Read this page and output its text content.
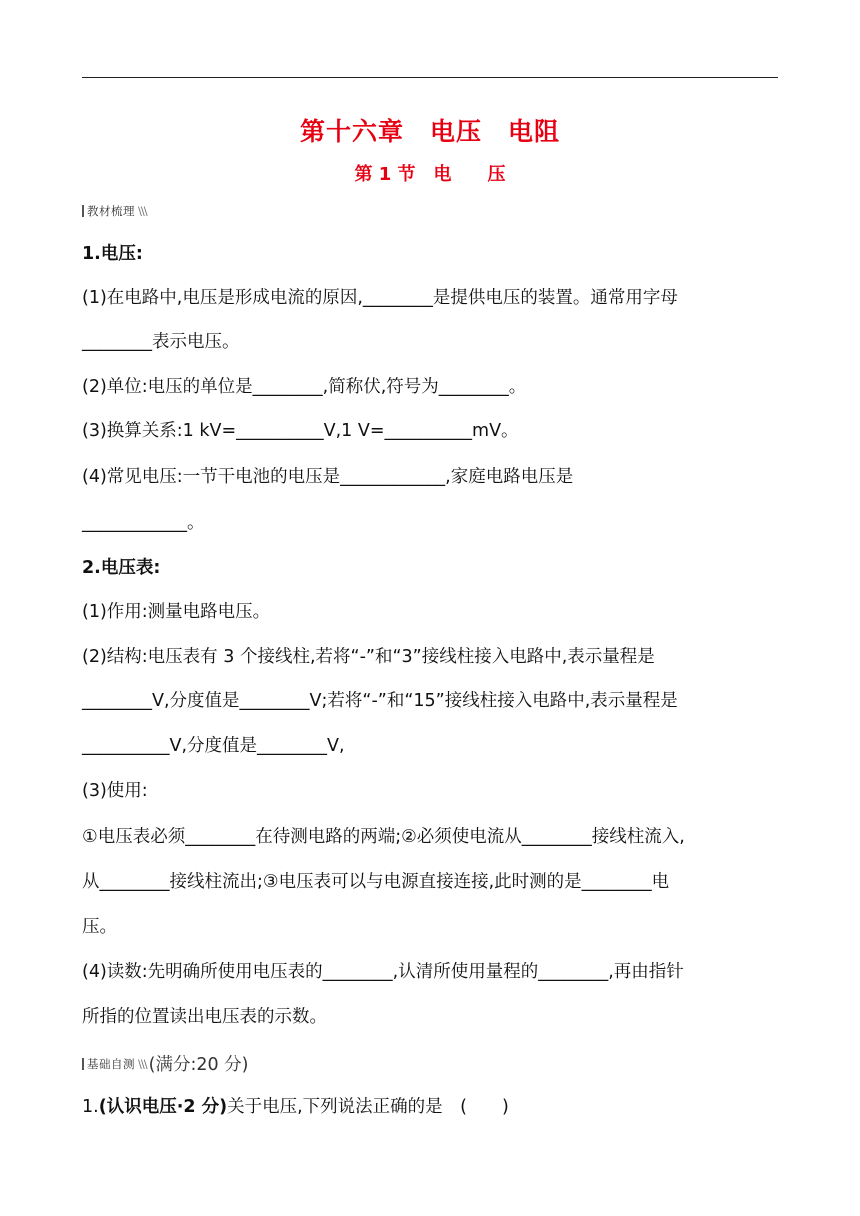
第十六章　电压　电阻
第 1 节　电　　压
教材梳理 \\\
1.电压:
(1)在电路中,电压是形成电流的原因,________是提供电压的装置。通常用字母
________表示电压。
(2)单位:电压的单位是________,简称伏,符号为________。
(3)换算关系:1 kV=__________V,1 V=__________mV。
(4)常见电压:一节干电池的电压是____________,家庭电路电压是
____________。
2.电压表:
(1)作用:测量电路电压。
(2)结构:电压表有 3 个接线柱,若将“-”和“3”接线柱接入电路中,表示量程是
________V,分度值是________V;若将“-”和“15”接线柱接入电路中,表示量程是
__________V,分度值是________V,
(3)使用:
①电压表必须________在待测电路的两端;②必须使电流从________接线柱流入,
从________接线柱流出;③电压表可以与电源直接连接,此时测的是________电
压。
(4)读数:先明确所使用电压表的________,认清所使用量程的________,再由指针
所指的位置读出电压表的示数。
基础自测 \\\ (满分:20 分)
1.(认识电压·2 分)关于电压,下列说法正确的是　(　　)
